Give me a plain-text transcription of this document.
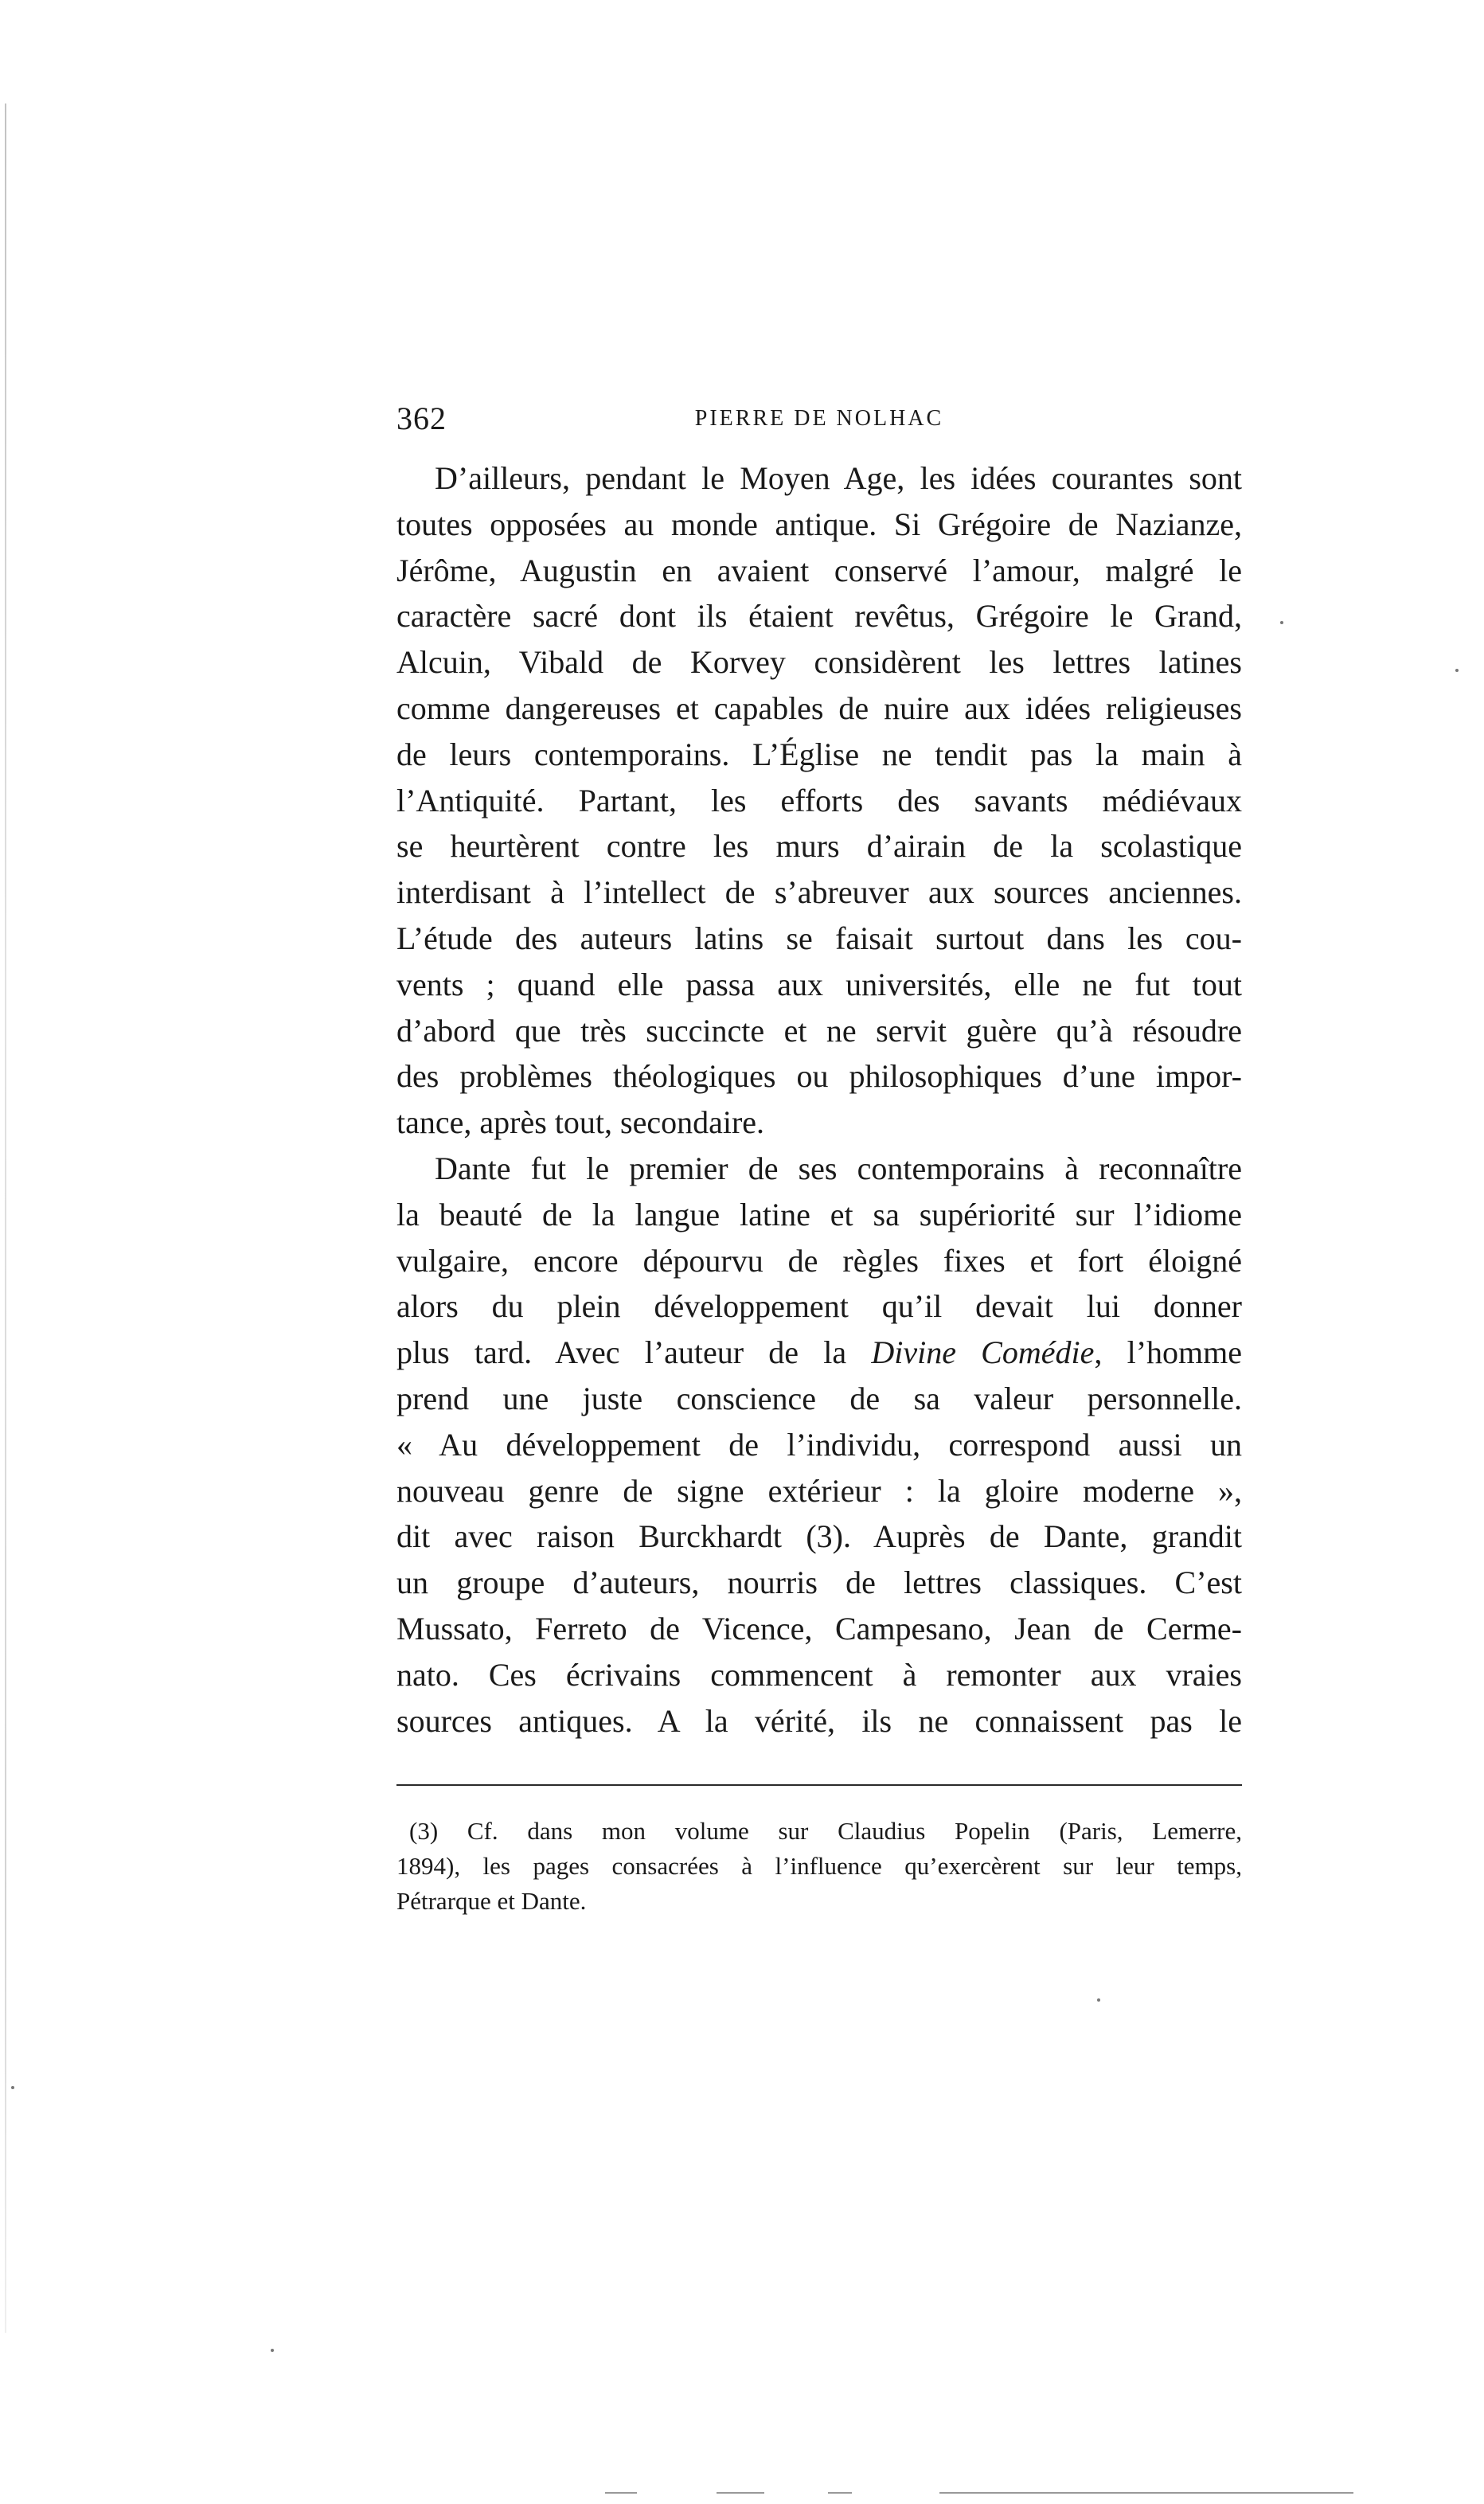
362	PIERRE DE NOLHAC
D’ailleurs, pendant le Moyen Age, les idées courantes sont
toutes opposées au monde antique. Si Grégoire de Nazianze,
Jérôme, Augustin en avaient conservé l’amour, malgré le
caractère sacré dont ils étaient revêtus, Grégoire le Grand,
Alcuin, Vibald de Korvey considèrent les lettres latines
comme dangereuses et capables de nuire aux idées religieuses
de leurs contemporains. L’Église ne tendit pas la main à
l’Antiquité. Partant, les efforts des savants médiévaux
se heurtèrent contre les murs d’airain de la scolastique
interdisant à l’intellect de s’abreuver aux sources anciennes.
L’étude des auteurs latins se faisait surtout dans les cou-
vents ; quand elle passa aux universités, elle ne fut tout
d’abord que très succincte et ne servit guère qu’à résoudre
des problèmes théologiques ou philosophiques d’une impor-
tance, après tout, secondaire.
Dante fut le premier de ses contemporains à reconnaître
la beauté de la langue latine et sa supériorité sur l’idiome
vulgaire, encore dépourvu de règles fixes et fort éloigné
alors du plein développement qu’il devait lui donner
plus tard. Avec l’auteur de la Divine Comédie, l’homme
prend une juste conscience de sa valeur personnelle.
« Au développement de l’individu, correspond aussi un
nouveau genre de signe extérieur : la gloire moderne »,
dit avec raison Burckhardt (3). Auprès de Dante, grandit
un groupe d’auteurs, nourris de lettres classiques. C’est
Mussato, Ferreto de Vicence, Campesano, Jean de Cerme-
nato. Ces écrivains commencent à remonter aux vraies
sources antiques. A la vérité, ils ne connaissent pas le
(3) Cf. dans mon volume sur Claudius Popelin (Paris, Lemerre,
1894), les pages consacrées à l’influence qu’exercèrent sur leur temps,
Pétrarque et Dante.
